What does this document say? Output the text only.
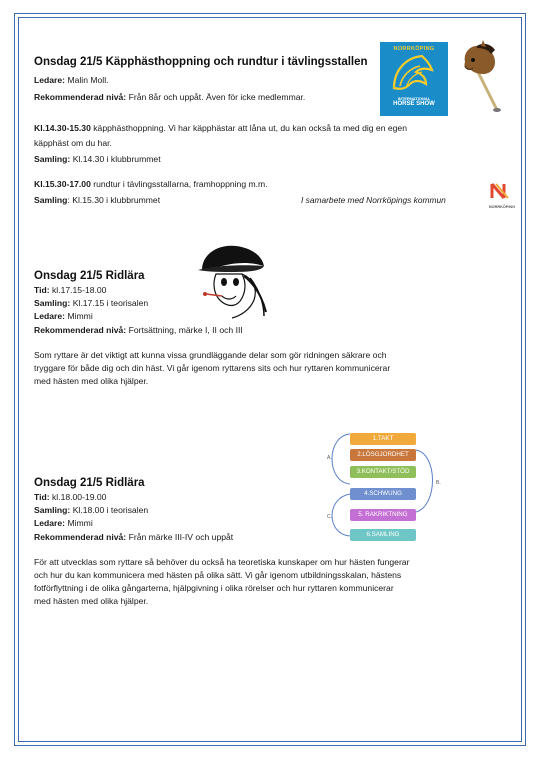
Onsdag 21/5 Käpphästhoppning och rundtur i tävlingsstallen
Ledare: Malin Moll.
Rekommenderad nivå: Från 8år och uppåt. Även för icke medlemmar.
Kl.14.30-15.30 käpphästhoppning. Vi har käpphästar att låna ut, du kan också ta med dig en egen
käpphäst om du har.
Samling: Kl.14.30 i klubbrummet
Kl.15.30-17.00 rundtur i tävlingsstallarna, framhoppning m.m.
Samling: Kl.15.30 i klubbrummet	I samarbete med Norrköpings kommun
NORRKÖPING
INTERNATIONAL
HORSE SHOW
NORRKÖPING
Onsdag 21/5 Ridlära
Tid: kl.17.15-18.00
Samling: Kl.17.15 i teorisalen
Ledare: Mimmi
Rekommenderad nivå: Fortsättning, märke I, II och III
Som ryttare är det viktigt att kunna vissa grundläggande delar som gör ridningen säkrare och
tryggare för både dig och din häst. Vi går igenom ryttarens sits och hur ryttaren kommunicerar
med hästen med olika hjälper.
Onsdag 21/5 Ridlära
Tid: kl.18.00-19.00
Samling: Kl.18.00 i teorisalen
Ledare: Mimmi
Rekommenderad nivå: Från märke III-IV och uppåt
För att utvecklas som ryttare så behöver du också ha teoretiska kunskaper om hur hästen fungerar
och hur du kan kommunicera med hästen på olika sätt. Vi går igenom utbildningsskalan, hästens
fotförflyttning i de olika gångarterna, hjälpgivning i olika rörelser och hur ryttaren kommunicerar
med hästen med olika hjälper.
A.
B.
C.
1.TAKT
2.LÖSGJORDHET
3.KONTAKT/STÖD
4.SCHWUNG
5. RAKRIKTNING
6.SAMLING
